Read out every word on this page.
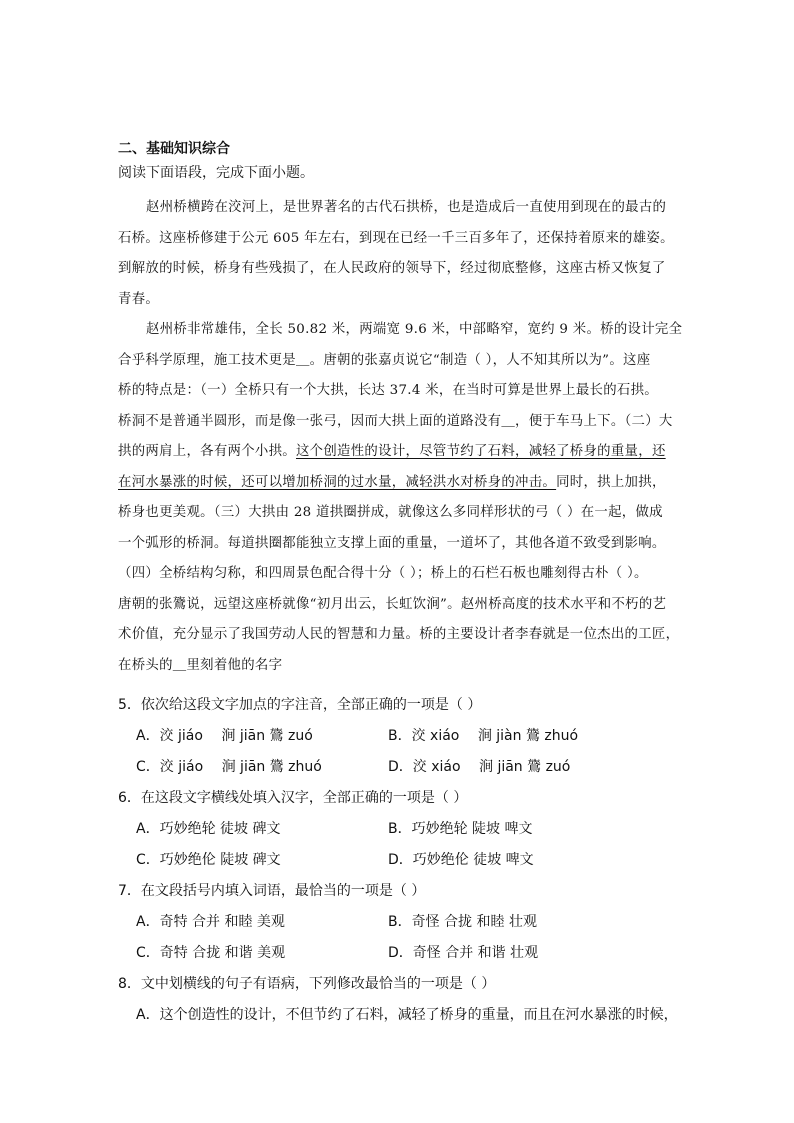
二、基础知识综合
阅读下面语段，完成下面小题。
赵州桥横跨在洨河上，是世界著名的古代石拱桥，也是造成后一直使用到现在的最古的
石桥。这座桥修建于公元 605 年左右，到现在已经一千三百多年了，还保持着原来的雄姿。
到解放的时候，桥身有些残损了，在人民政府的领导下，经过彻底整修，这座古桥又恢复了
青春。
赵州桥非常雄伟，全长 50.82 米，两端宽 9.6 米，中部略窄，宽约 9 米。桥的设计完全
合乎科学原理，施工技术更是＿。唐朝的张嘉贞说它“制造（ ），人不知其所以为”。这座
桥的特点是：（一）全桥只有一个大拱，长达 37.4 米，在当时可算是世界上最长的石拱。
桥洞不是普通半圆形，而是像一张弓，因而大拱上面的道路没有＿，便于车马上下。（二）大
拱的两肩上，各有两个小拱。这个创造性的设计，尽管节约了石料，减轻了桥身的重量，还
在河水暴涨的时候，还可以增加桥洞的过水量，减轻洪水对桥身的冲击。同时，拱上加拱，
桥身也更美观。（三）大拱由 28 道拱圈拼成，就像这么多同样形状的弓（ ）在一起，做成
一个弧形的桥洞。每道拱圈都能独立支撑上面的重量，一道坏了，其他各道不致受到影响。
（四）全桥结构匀称，和四周景色配合得十分（ ）；桥上的石栏石板也雕刻得古朴（ ）。
唐朝的张鷟说，远望这座桥就像“初月出云，长虹饮涧”。赵州桥高度的技术水平和不朽的艺
术价值，充分显示了我国劳动人民的智慧和力量。桥的主要设计者李春就是一位杰出的工匠，
在桥头的＿里刻着他的名字
5．依次给这段文字加点的字注音，全部正确的一项是（ ）
A．洨 jiáo　 涧 jiān 鷟 zuó	B．洨 xiáo　 涧 jiàn 鷟 zhuó
C．洨 jiáo　 涧 jiān 鷟 zhuó	D．洨 xiáo　 涧 jiān 鷟 zuó
6．在这段文字横线处填入汉字，全部正确的一项是（ ）
A．巧妙绝轮 徒坡 碑文	B．巧妙绝轮 陡坡 啤文
C．巧妙绝伦 陡坡 碑文	D．巧妙绝伦 徒坡 啤文
7．在文段括号内填入词语，最恰当的一项是（ ）
A．奇特 合并 和睦 美观	B．奇怪 合拢 和睦 壮观
C．奇特 合拢 和谐 美观	D．奇怪 合并 和谐 壮观
8．文中划横线的句子有语病，下列修改最恰当的一项是（ ）
A．这个创造性的设计，不但节约了石料，减轻了桥身的重量，而且在河水暴涨的时候，
